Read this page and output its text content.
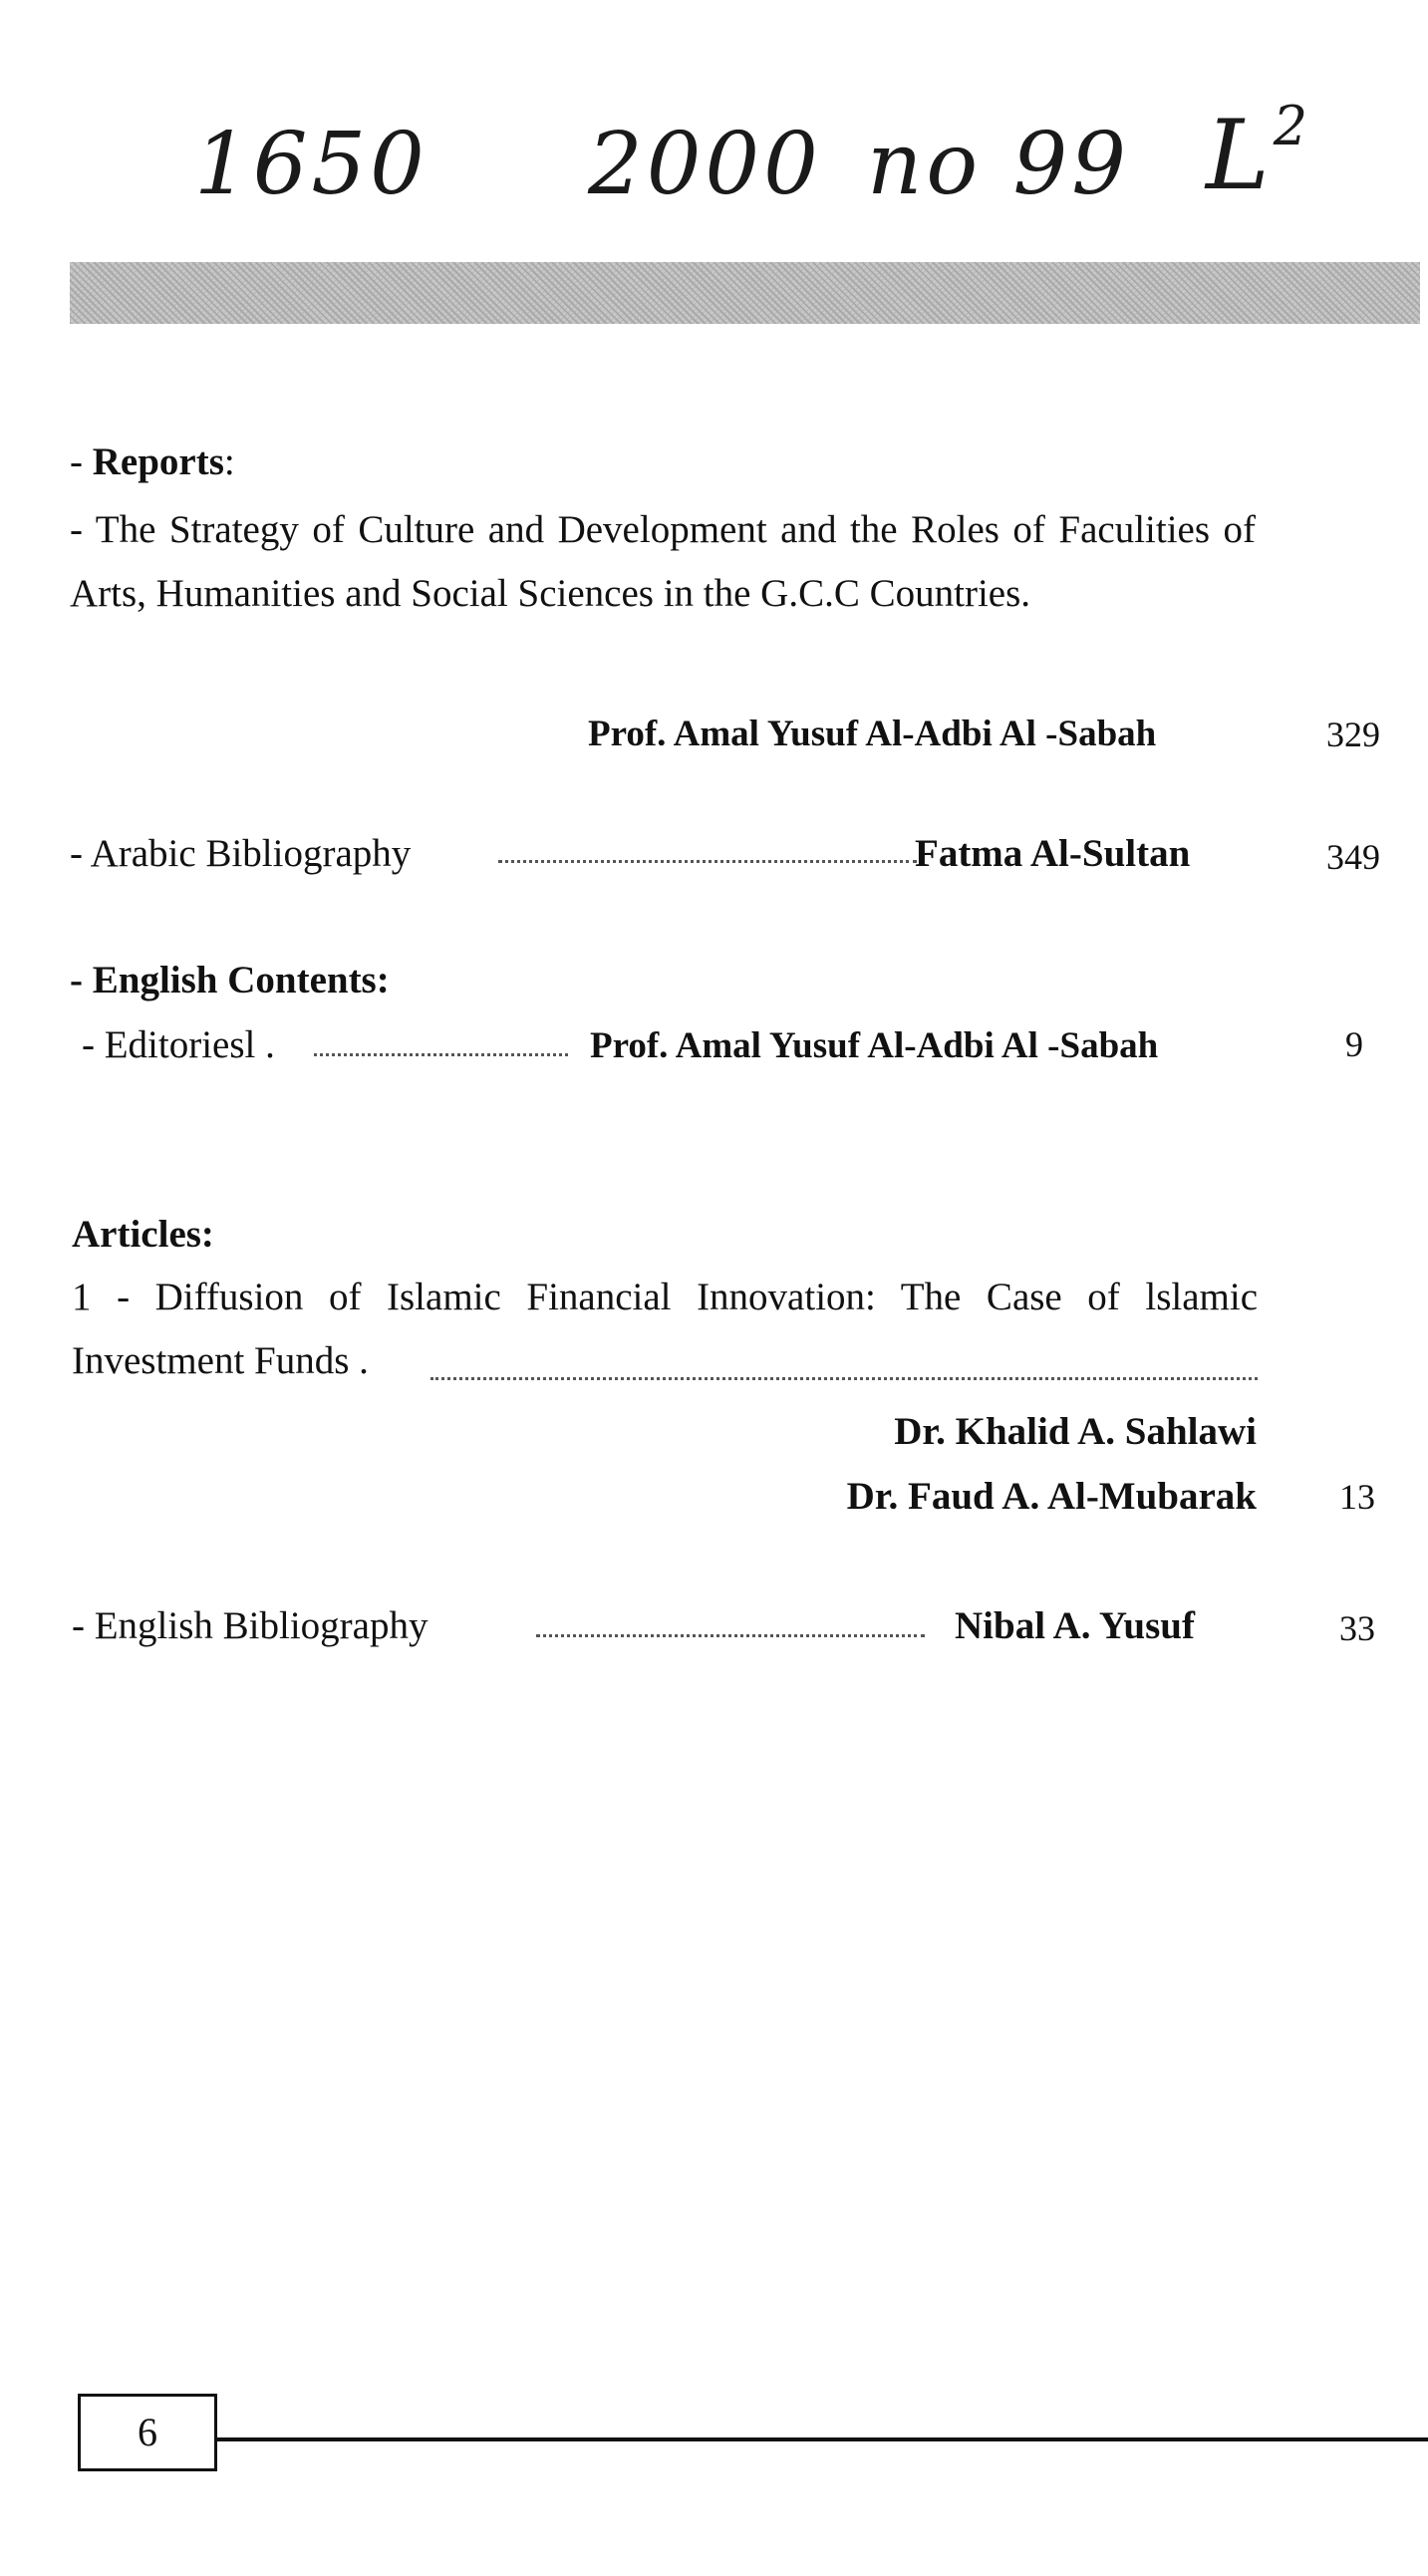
1650 2000 no 99 $L^2$
- Reports:
- The Strategy of Culture and Development and the Roles of Faculities of Arts, Humanities and Social Sciences in the G.C.C Countries.
Prof. Amal Yusuf Al-Adbi Al -Sabah	329
- Arabic Bibliography	Fatma Al-Sultan	349
- English Contents:
- Editoriesl .	Prof. Amal Yusuf Al-Adbi Al -Sabah	9
Articles:
1 - Diffusion of Islamic Financial Innovation: The Case of lslamic Investment Funds .
Dr. Khalid A. Sahlawi
Dr. Faud A. Al-Mubarak	13
- English Bibliography	Nibal A. Yusuf	33
6
